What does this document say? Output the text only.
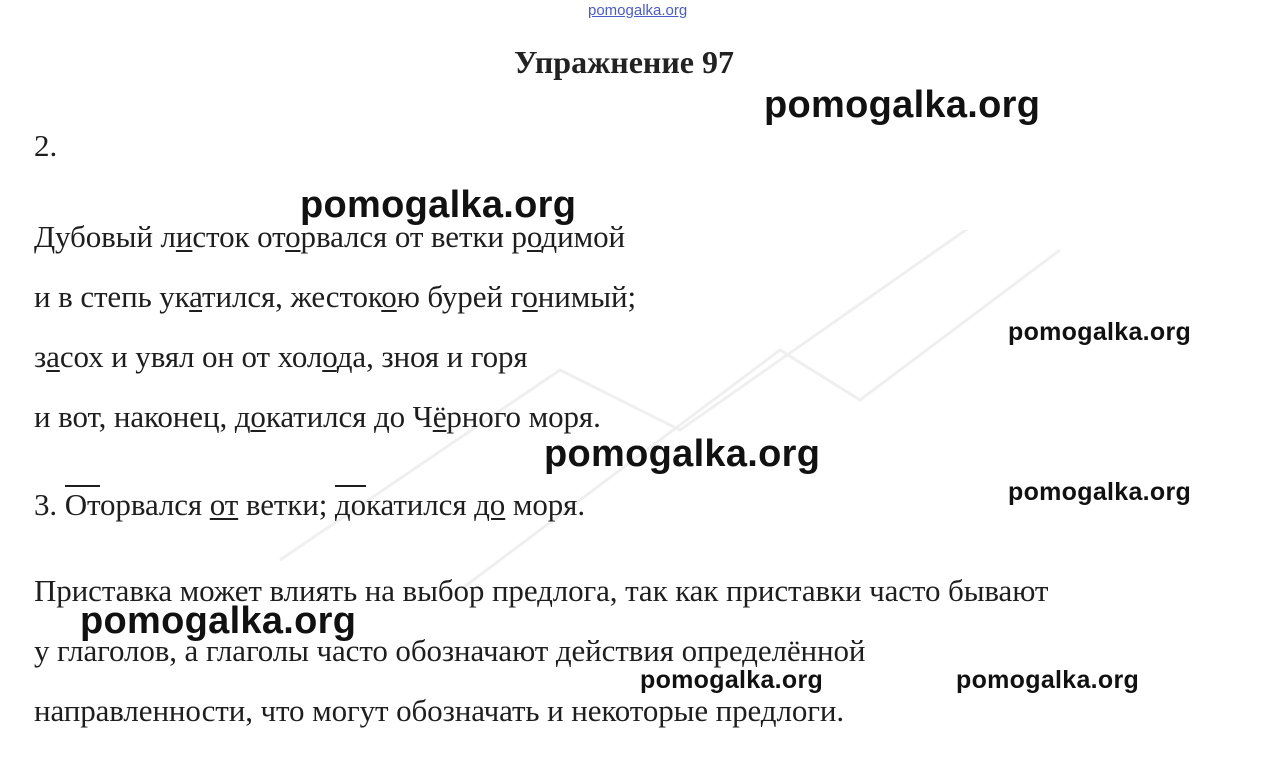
pomogalka.org
Упражнение 97
2.
Дубовый листок оторвался от ветки родимой
и в степь укатился, жестокою бурей гонимый;
засох и увял он от холода, зноя и горя
и вот, наконец, докатился до Чёрного моря.
3. Оторвался от ветки; докатился до моря.
Приставка может влиять на выбор предлога, так как приставки часто бывают
у глаголов, а глаголы часто обозначают действия определённой
направленности, что могут обозначать и некоторые предлоги.
pomogalka.org
pomogalka.org
pomogalka.org
pomogalka.org
pomogalka.org
pomogalka.org
pomogalka.org	pomogalka.org
